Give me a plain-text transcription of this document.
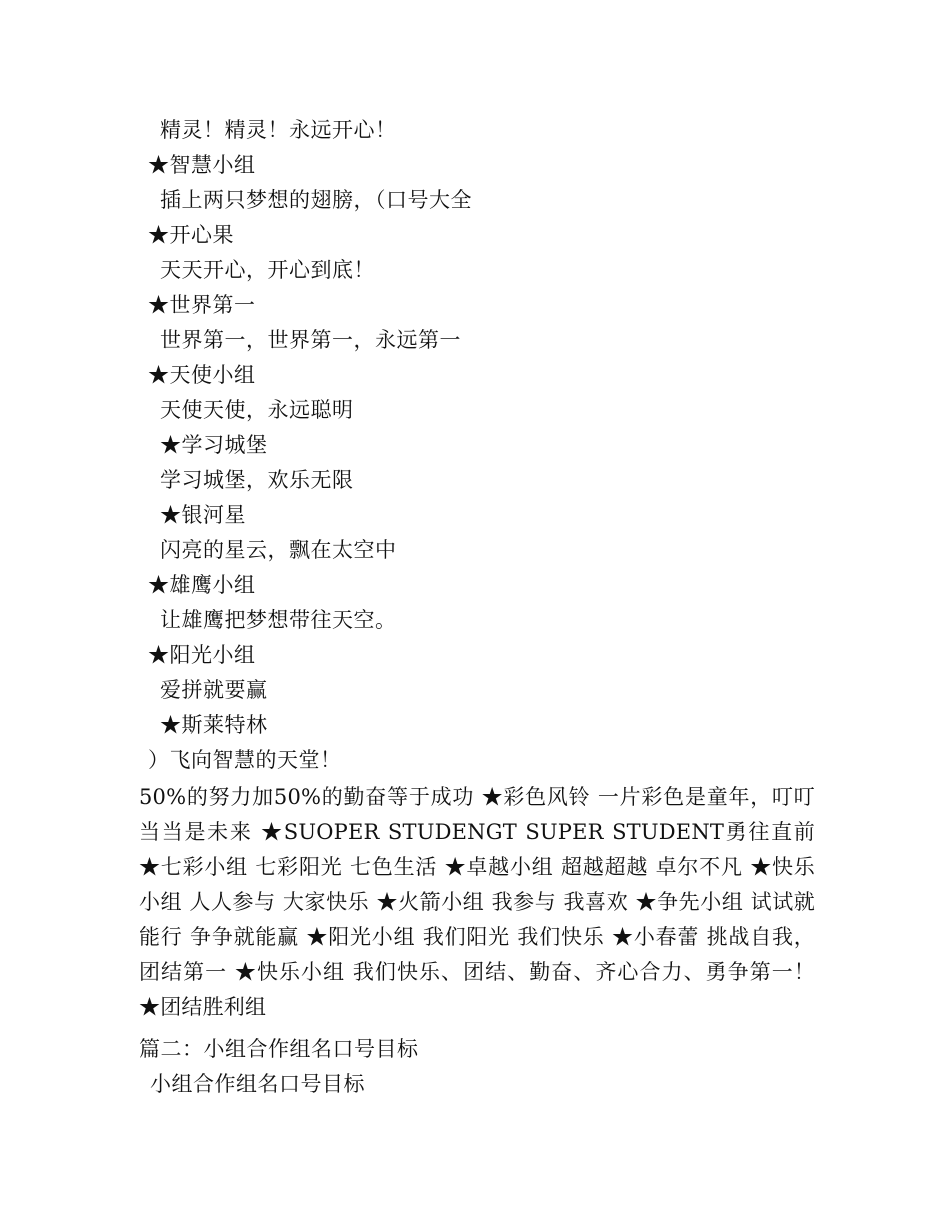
精灵！精灵！永远开心！
★智慧小组
插上两只梦想的翅膀，（口号大全
★开心果
天天开心，开心到底！
★世界第一
世界第一，世界第一，永远第一
★天使小组
天使天使，永远聪明
★学习城堡
学习城堡，欢乐无限
★银河星
闪亮的星云，飘在太空中
★雄鹰小组
让雄鹰把梦想带往天空。
★阳光小组
爱拼就要赢
★斯莱特林
）飞向智慧的天堂！
50%的努力加50%的勤奋等于成功 ★彩色风铃 一片彩色是童年，叮叮当当是未来 ★SUOPER STUDENGT SUPER STUDENT勇往直前 ★七彩小组 七彩阳光 七色生活 ★卓越小组 超越超越 卓尔不凡 ★快乐小组 人人参与 大家快乐 ★火箭小组 我参与 我喜欢 ★争先小组 试试就能行 争争就能赢 ★阳光小组 我们阳光 我们快乐 ★小春蕾 挑战自我，团结第一 ★快乐小组 我们快乐、团结、勤奋、齐心合力、勇争第一！ ★团结胜利组
篇二：小组合作组名口号目标
小组合作组名口号目标
